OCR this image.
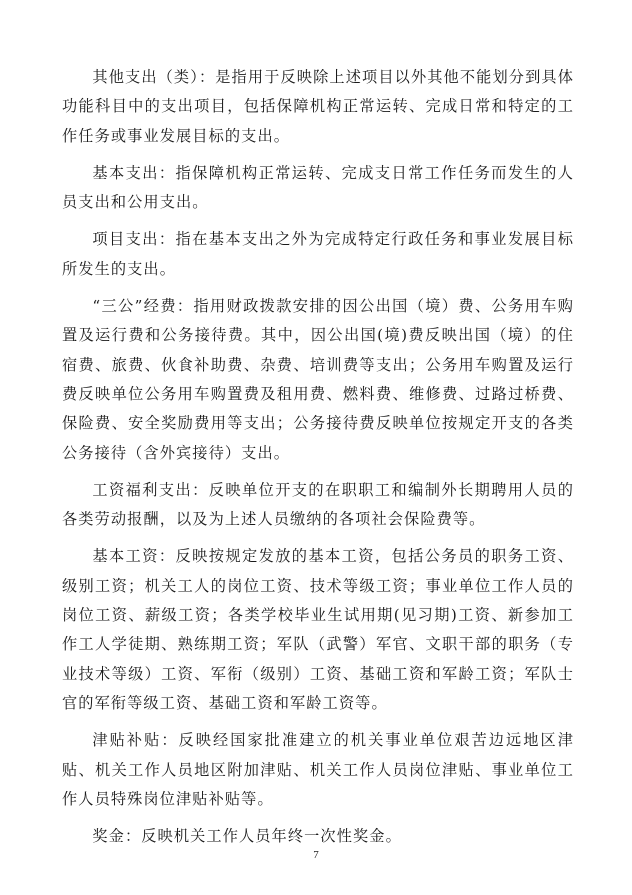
其他支出（类）：是指用于反映除上述项目以外其他不能划分到具体功能科目中的支出项目，包括保障机构正常运转、完成日常和特定的工作任务或事业发展目标的支出。

基本支出：指保障机构正常运转、完成支日常工作任务而发生的人员支出和公用支出。

项目支出：指在基本支出之外为完成特定行政任务和事业发展目标所发生的支出。

“三公”经费：指用财政拨款安排的因公出国（境）费、公务用车购置及运行费和公务接待费。其中，因公出国(境)费反映出国（境）的住宿费、旅费、伙食补助费、杂费、培训费等支出；公务用车购置及运行费反映单位公务用车购置费及租用费、燃料费、维修费、过路过桥费、保险费、安全奖励费用等支出；公务接待费反映单位按规定开支的各类公务接待（含外宾接待）支出。

工资福利支出：反映单位开支的在职职工和编制外长期聘用人员的各类劳动报酬，以及为上述人员缴纳的各项社会保险费等。

基本工资：反映按规定发放的基本工资，包括公务员的职务工资、级别工资；机关工人的岗位工资、技术等级工资；事业单位工作人员的岗位工资、薪级工资；各类学校毕业生试用期(见习期)工资、新参加工作工人学徒期、熟练期工资；军队（武警）军官、文职干部的职务（专业技术等级）工资、军衔（级别）工资、基础工资和军龄工资；军队士官的军衔等级工资、基础工资和军龄工资等。

津贴补贴：反映经国家批准建立的机关事业单位艰苦边远地区津贴、机关工作人员地区附加津贴、机关工作人员岗位津贴、事业单位工作人员特殊岗位津贴补贴等。

奖金：反映机关工作人员年终一次性奖金。

7
